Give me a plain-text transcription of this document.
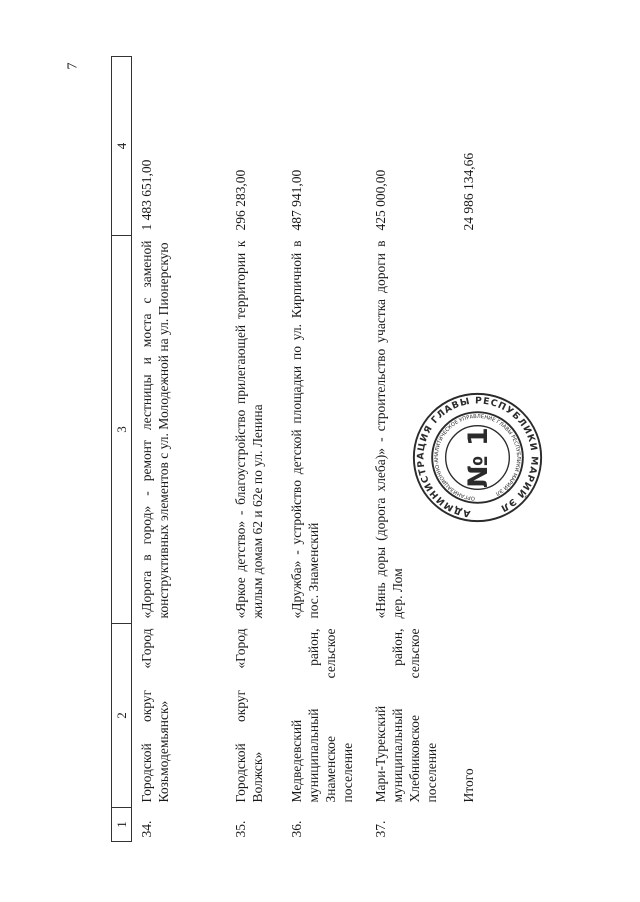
7
1	2	3	4
34.	Городской округ «Город Козьмодемьянск»	«Дорога в город» - ремонт лестницы и моста с заменой конструктивных элементов с ул. Молодежной на ул. Пионерскую	1 483 651,00
35.	Городской округ «Город Волжск»	«Яркое детство» - благоустройство прилегающей территории к жилым домам 62 и 62е по ул. Ленина	296 283,00
36.	Медведевский муниципальный район, Знаменское сельское поселение	«Дружба» - устройство детской площадки по ул. Кирпичной в пос. Знаменский	487 941,00
37.	Мари-Турекский муниципальный район, Хлебниковское сельское поселение	«Нянь доры (дорога хлеба)» - строительство участка дороги в дер. Лом	425 000,00
	Итого		24 986 134,66
АДМИНИСТРАЦИЯ ГЛАВЫ РЕСПУБЛИКИ МАРИЙ ЭЛ
ОРГАНИЗАЦИОННО-АНАЛИТИЧЕСКОЕ УПРАВЛЕНИЕ ГЛАВЫ РЕСПУБЛИКИ МАРИЙ ЭЛ
№ 1
